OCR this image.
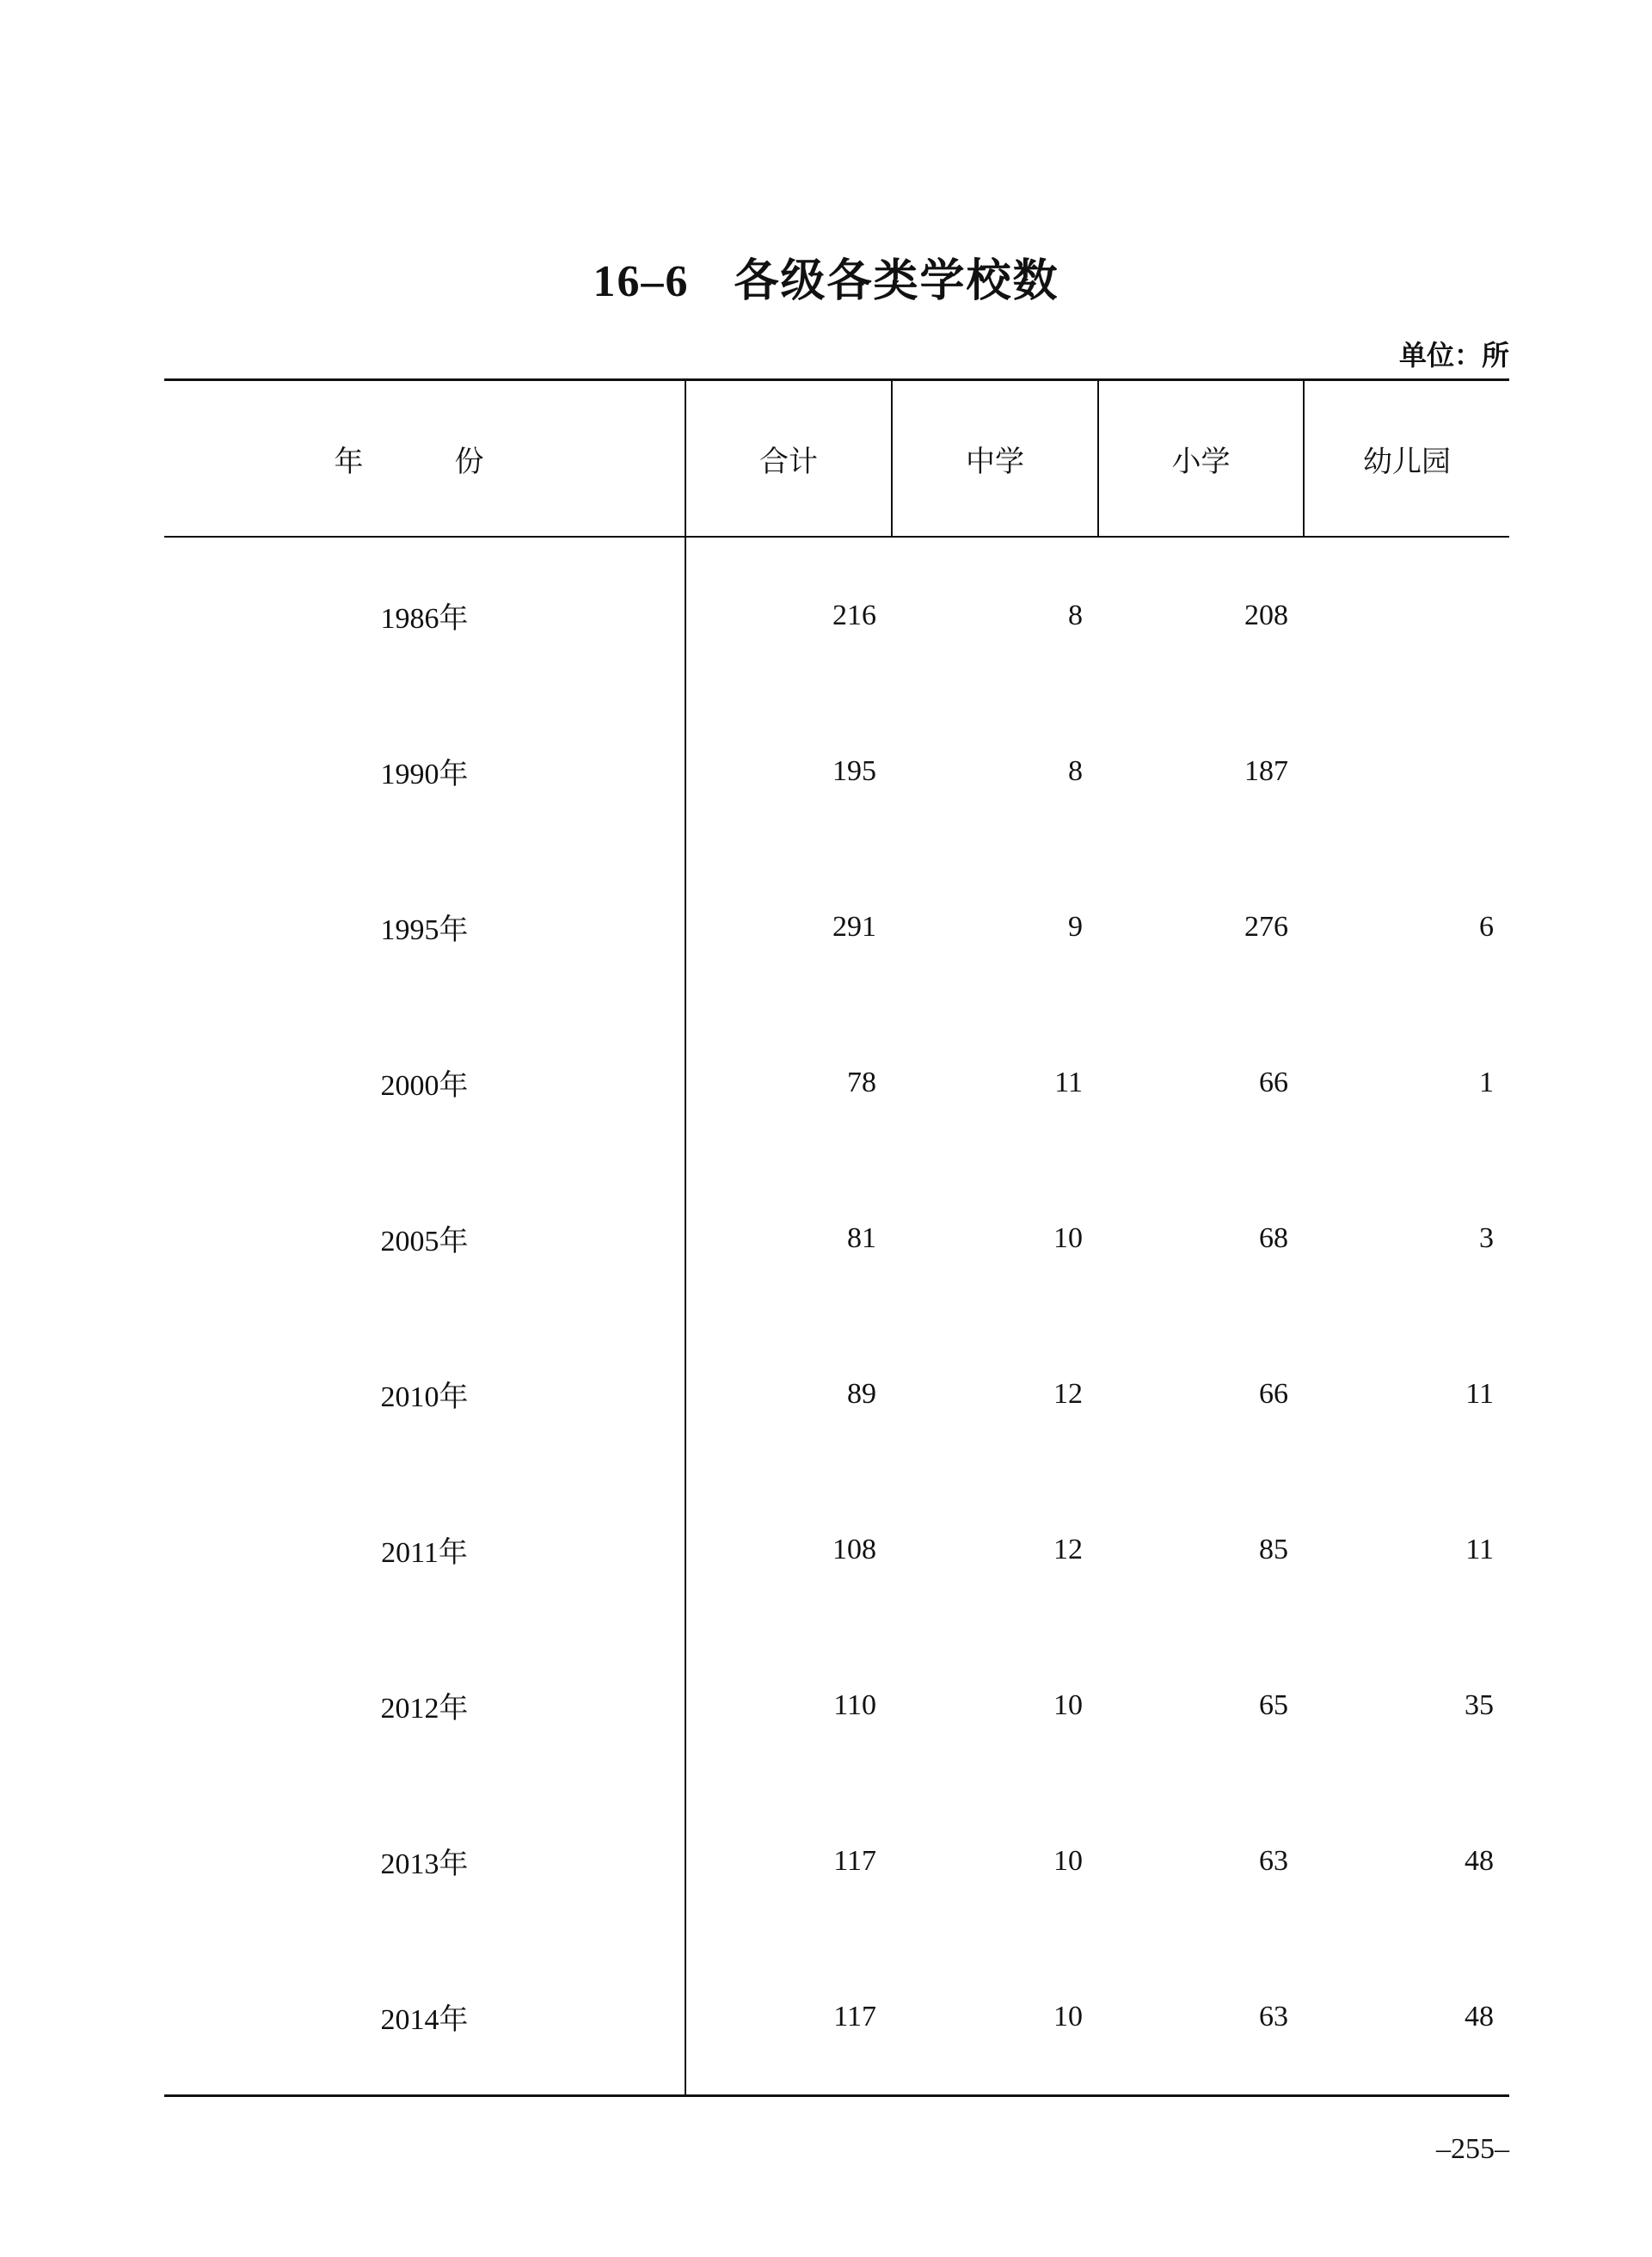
16–6 各级各类学校数
单位：所
年　份	合计	中学	小学	幼儿园
1986年	216	8	208	
1990年	195	8	187	
1995年	291	9	276	6
2000年	78	11	66	1
2005年	81	10	68	3
2010年	89	12	66	11
2011年	108	12	85	11
2012年	110	10	65	35
2013年	117	10	63	48
2014年	117	10	63	48
–255–
